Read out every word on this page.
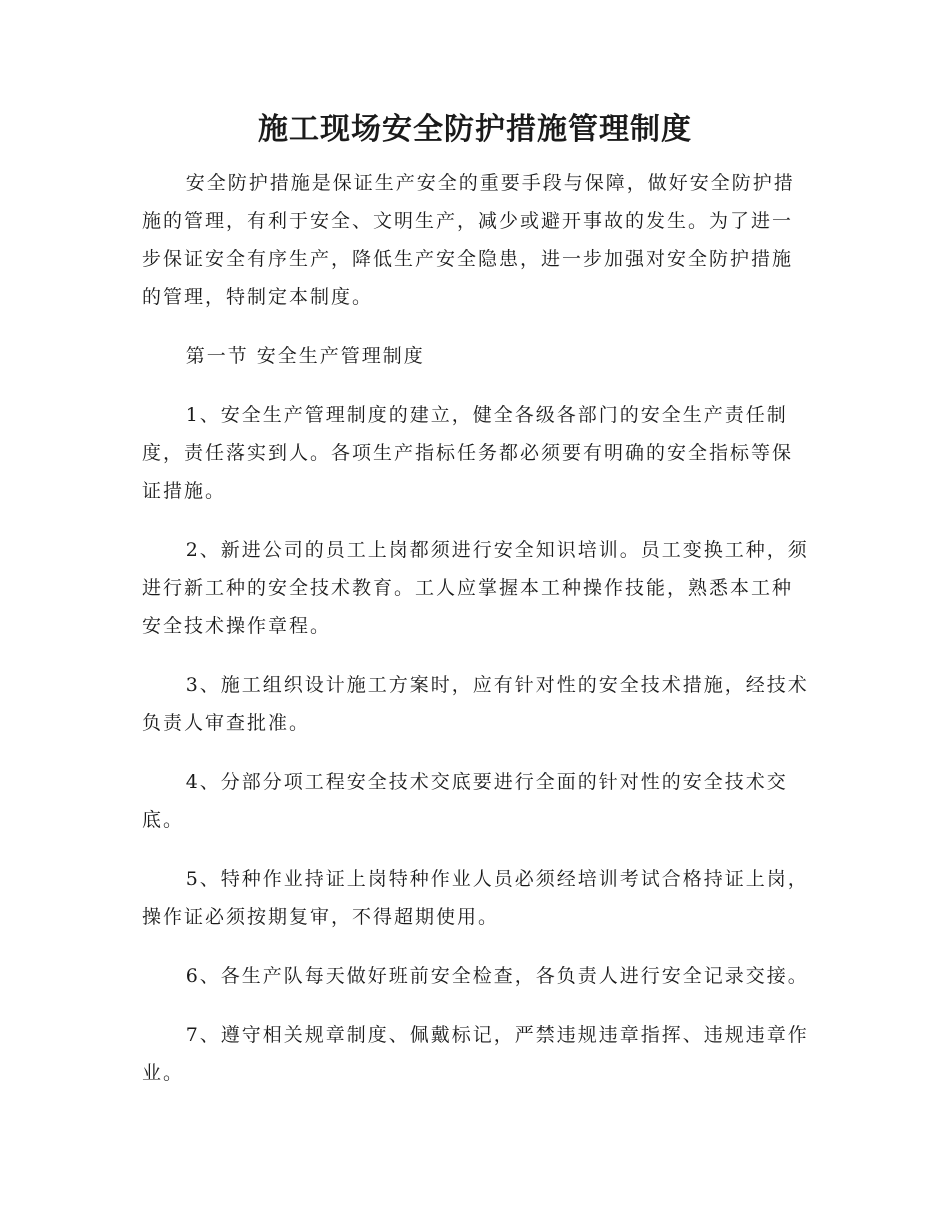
施工现场安全防护措施管理制度

安全防护措施是保证生产安全的重要手段与保障，做好安全防护措施的管理，有利于安全、文明生产，减少或避开事故的发生。为了进一步保证安全有序生产，降低生产安全隐患，进一步加强对安全防护措施的管理，特制定本制度。

第一节 安全生产管理制度

1、安全生产管理制度的建立，健全各级各部门的安全生产责任制度，责任落实到人。各项生产指标任务都必须要有明确的安全指标等保证措施。

2、新进公司的员工上岗都须进行安全知识培训。员工变换工种，须进行新工种的安全技术教育。工人应掌握本工种操作技能，熟悉本工种安全技术操作章程。

3、施工组织设计施工方案时，应有针对性的安全技术措施，经技术负责人审查批准。

4、分部分项工程安全技术交底要进行全面的针对性的安全技术交底。

5、特种作业持证上岗特种作业人员必须经培训考试合格持证上岗，操作证必须按期复审，不得超期使用。

6、各生产队每天做好班前安全检查，各负责人进行安全记录交接。

7、遵守相关规章制度、佩戴标记，严禁违规违章指挥、违规违章作业。
